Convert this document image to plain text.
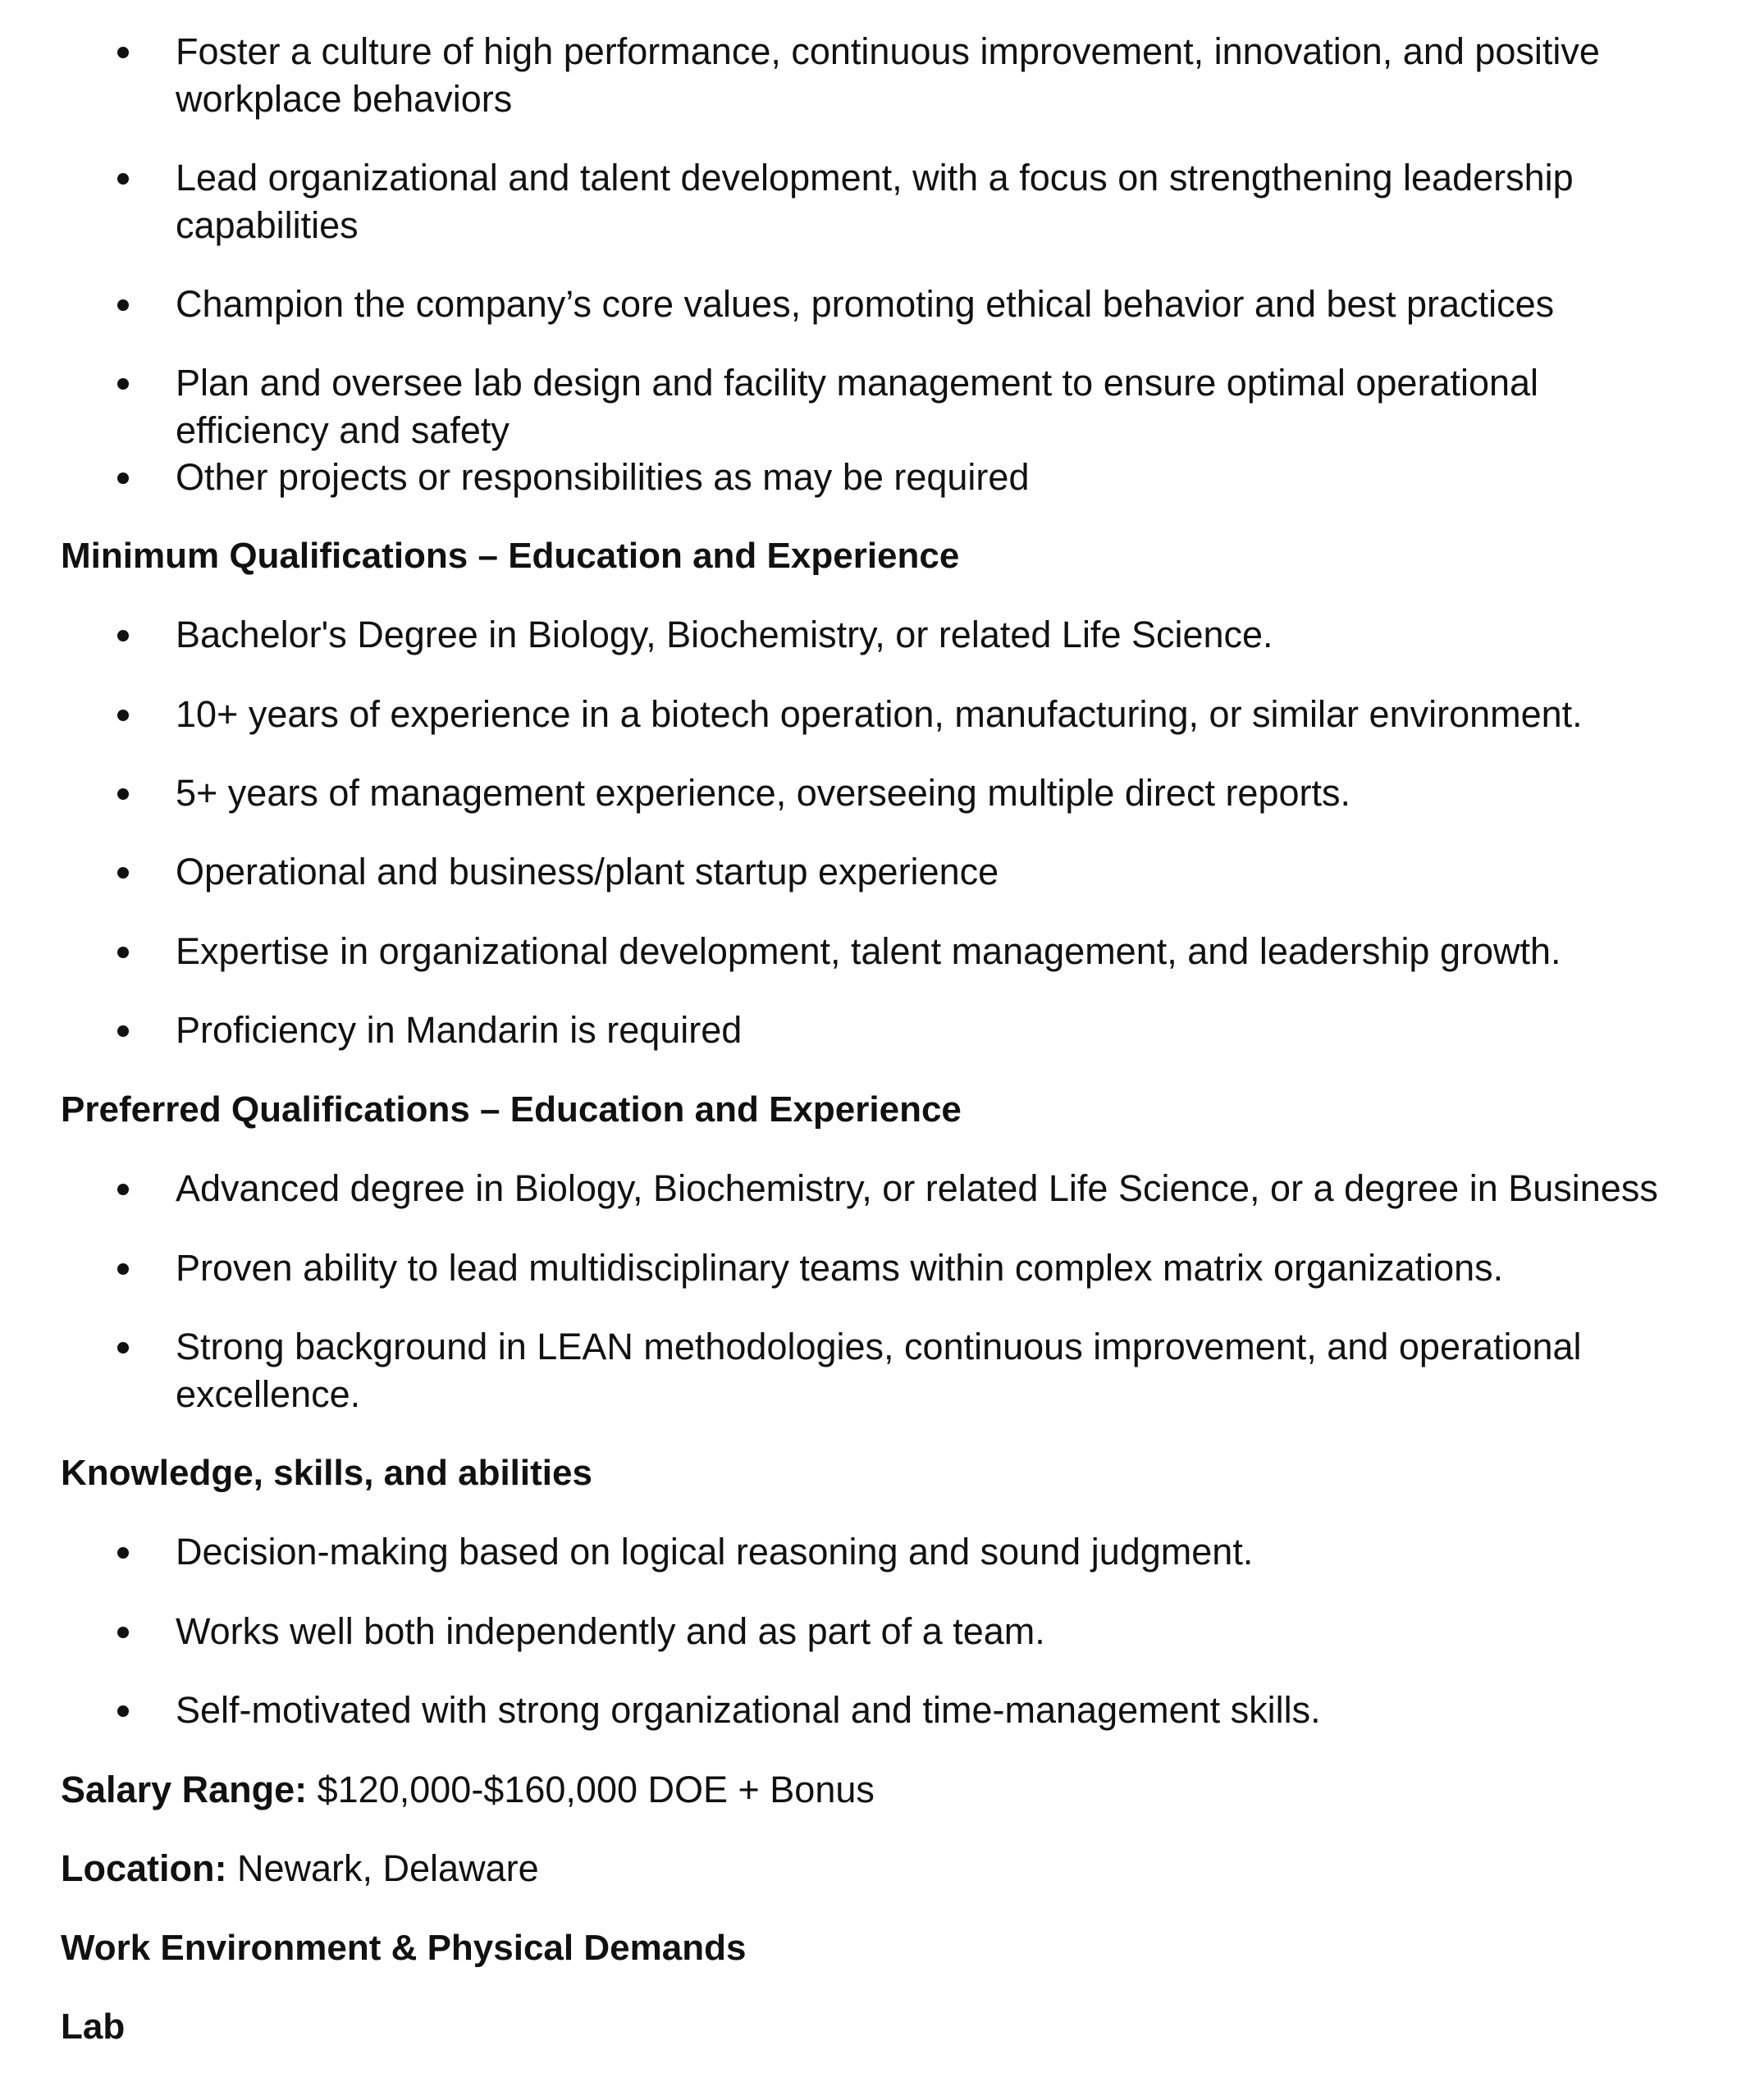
Foster a culture of high performance, continuous improvement, innovation, and positive workplace behaviors
Lead organizational and talent development, with a focus on strengthening leadership capabilities
Champion the company’s core values, promoting ethical behavior and best practices
Plan and oversee lab design and facility management to ensure optimal operational efficiency and safety
Other projects or responsibilities as may be required
Minimum Qualifications – Education and Experience
Bachelor's Degree in Biology, Biochemistry, or related Life Science.
10+ years of experience in a biotech operation, manufacturing, or similar environment.
5+ years of management experience, overseeing multiple direct reports.
Operational and business/plant startup experience
Expertise in organizational development, talent management, and leadership growth.
Proficiency in Mandarin is required
Preferred Qualifications – Education and Experience
Advanced degree in Biology, Biochemistry, or related Life Science, or a degree in Business
Proven ability to lead multidisciplinary teams within complex matrix organizations.
Strong background in LEAN methodologies, continuous improvement, and operational excellence.
Knowledge, skills, and abilities
Decision-making based on logical reasoning and sound judgment.
Works well both independently and as part of a team.
Self-motivated with strong organizational and time-management skills.
Salary Range: $120,000-$160,000 DOE + Bonus
Location: Newark, Delaware
Work Environment & Physical Demands
Lab
